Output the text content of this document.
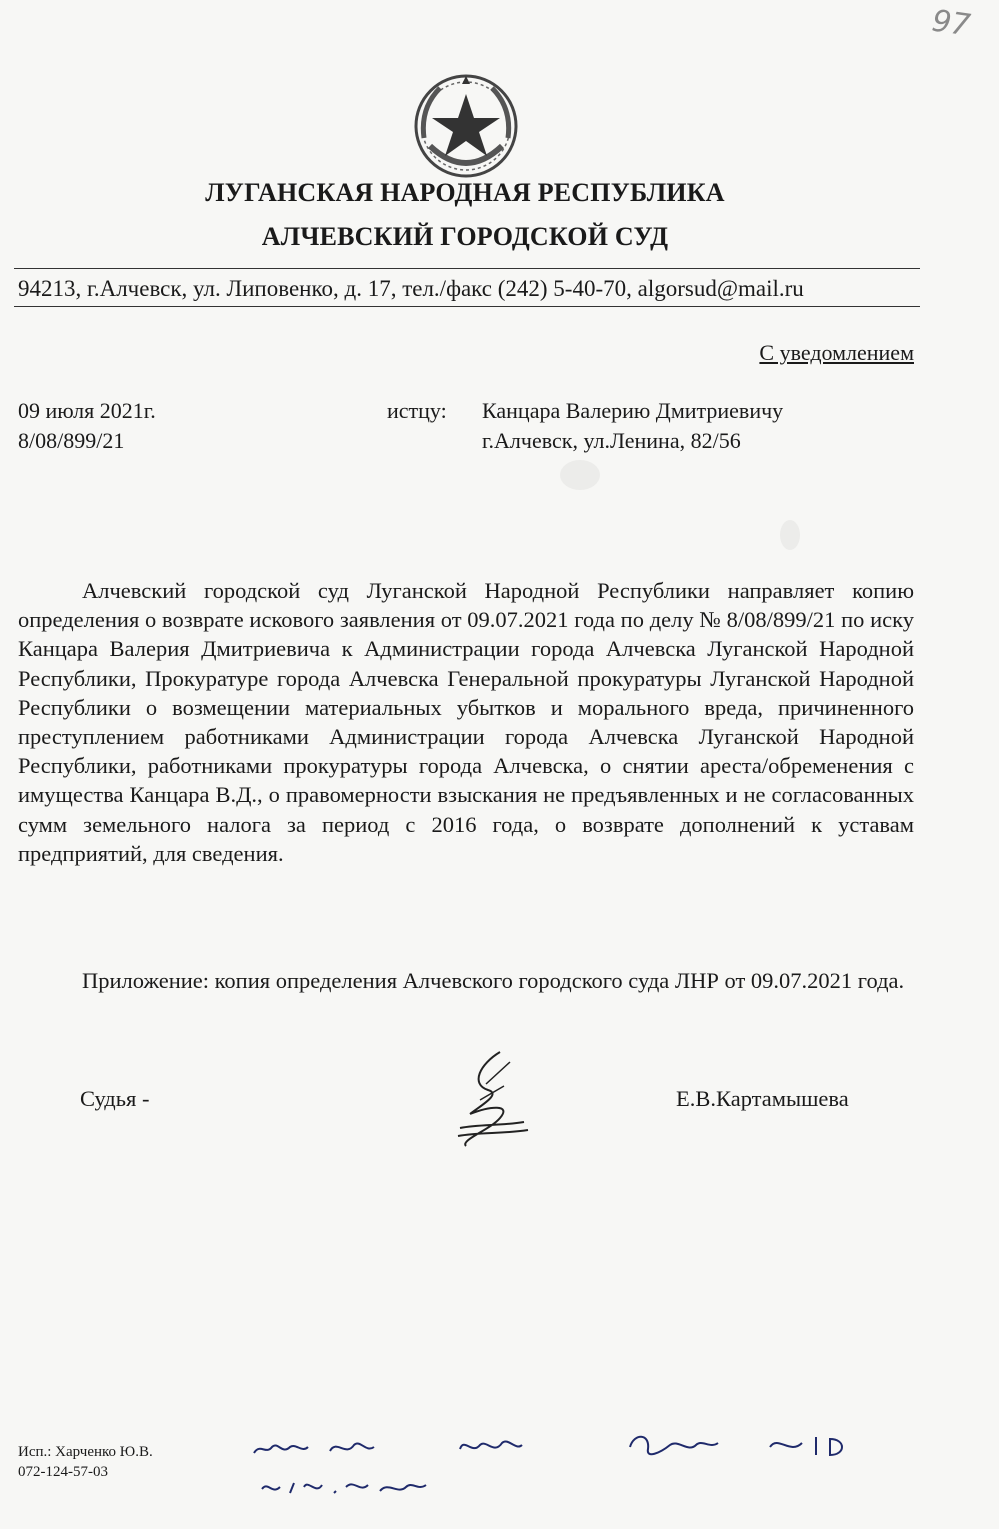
97
ЛУГАНСКАЯ НАРОДНАЯ РЕСПУБЛИКА
АЛЧЕВСКИЙ ГОРОДСКОЙ СУД
94213, г.Алчевск, ул. Липовенко, д. 17, тел./факс (242) 5-40-70, algorsud@mail.ru
С уведомлением
09 июля 2021г.
8/08/899/21
истцу: Канцара Валерию Дмитриевичу
г.Алчевск, ул.Ленина, 82/56
Алчевский городской суд Луганской Народной Республики направляет копию определения о возврате искового заявления от 09.07.2021 года по делу № 8/08/899/21 по иску Канцара Валерия Дмитриевича к Администрации города Алчевска Луганской Народной Республики, Прокуратуре города Алчевска Генеральной прокуратуры Луганской Народной Республики о возмещении материальных убытков и морального вреда, причиненного преступлением работниками Администрации города Алчевска Луганской Народной Республики, работниками прокуратуры города Алчевска, о снятии ареста/обременения с имущества Канцара В.Д., о правомерности взыскания не предъявленных и не согласованных сумм земельного налога за период с 2016 года, о возврате дополнений к уставам предприятий, для сведения.
Приложение: копия определения Алчевского городского суда ЛНР от 09.07.2021 года.
Судья -	Е.В.Картамышева
Исп.: Харченко Ю.В.
072-124-57-03
